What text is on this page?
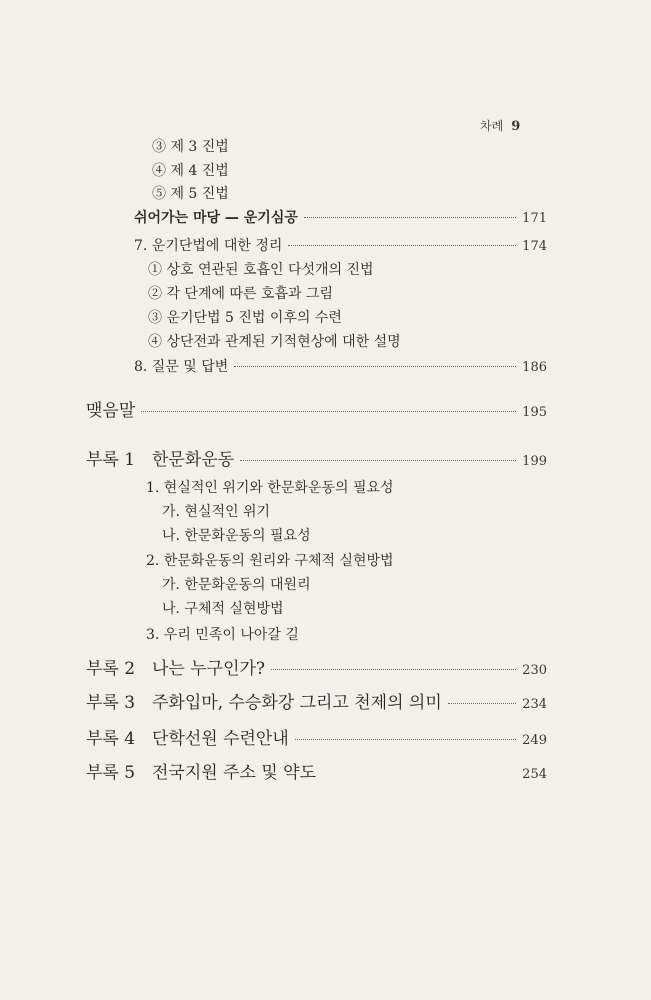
차례 9
③ 제 3 진법
④ 제 4 진법
⑤ 제 5 진법
쉬어가는 마당 — 운기심공	171
7. 운기단법에 대한 정리	174
① 상호 연관된 호흡인 다섯개의 진법
② 각 단계에 따른 호흡과 그림
③ 운기단법 5 진법 이후의 수련
④ 상단전과 관계된 기적현상에 대한 설명
8. 질문 및 답변	186
맺음말	195
부록 1 한문화운동	199
1. 현실적인 위기와 한문화운동의 필요성
가. 현실적인 위기
나. 한문화운동의 필요성
2. 한문화운동의 원리와 구체적 실현방법
가. 한문화운동의 대원리
나. 구체적 실현방법
3. 우리 민족이 나아갈 길
부록 2 나는 누구인가?	230
부록 3 주화입마, 수승화강 그리고 천제의 의미	234
부록 4 단학선원 수련안내	249
부록 5 전국지원 주소 및 약도	254
